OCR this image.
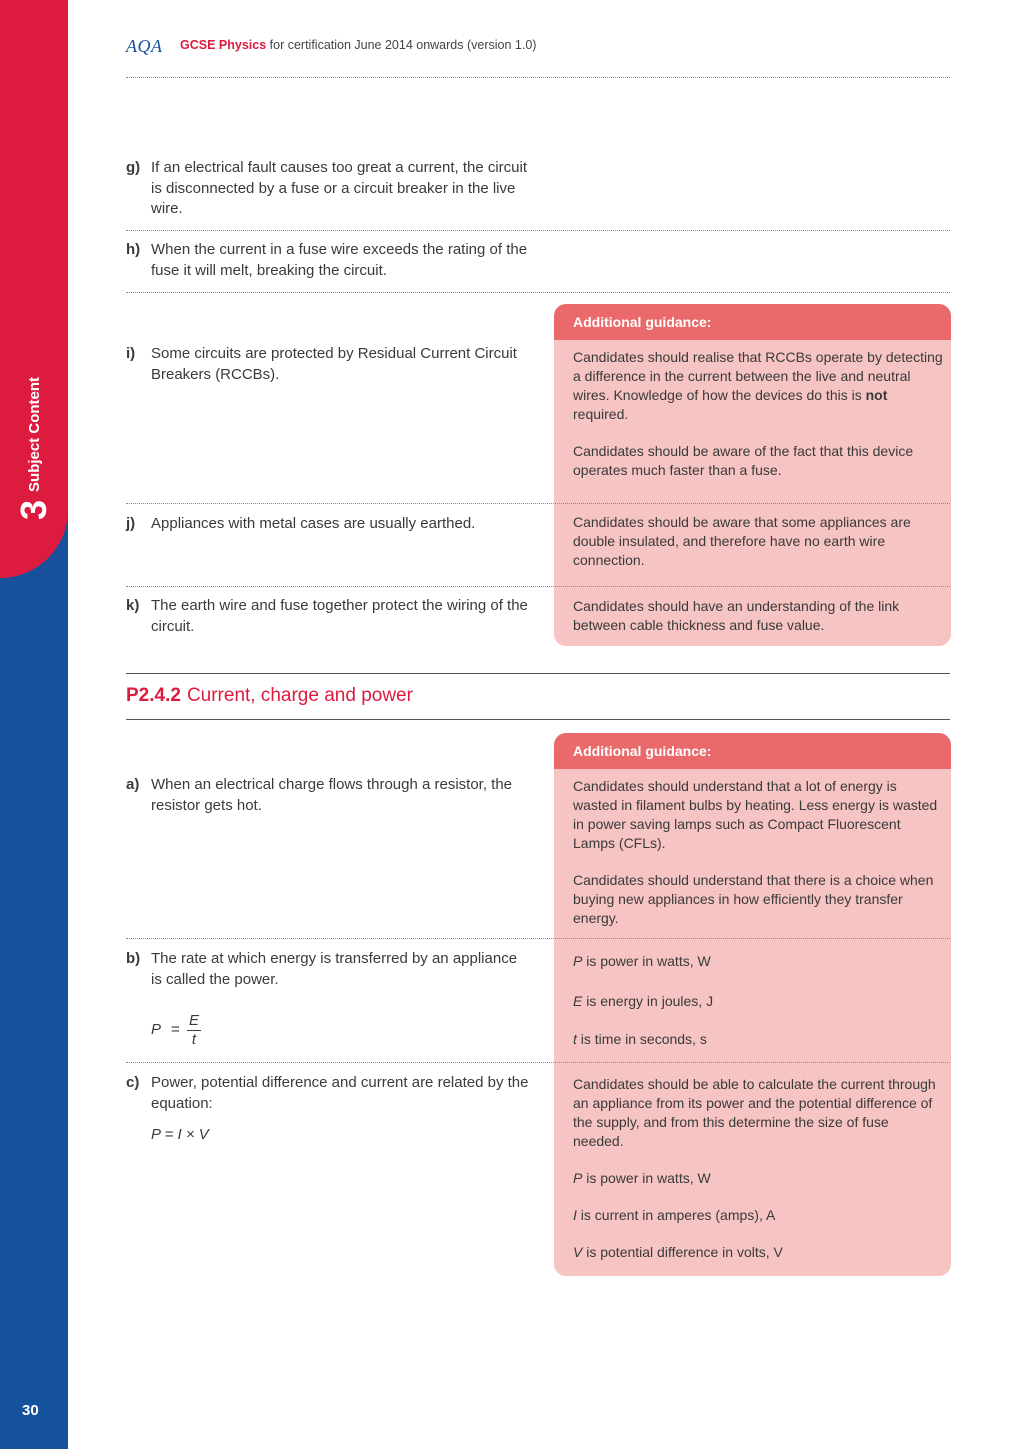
3
Subject Content
30
AQA GCSE Physics for certification June 2014 onwards (version 1.0)
g) If an electrical fault causes too great a current, the circuit is disconnected by a fuse or a circuit breaker in the live wire.
h) When the current in a fuse wire exceeds the rating of the fuse it will melt, breaking the circuit.
Additional guidance:
i)	Some circuits are protected by Residual Current Circuit Breakers (RCCBs).

Candidates should realise that RCCBs operate by detecting a difference in the current between the live and neutral wires. Knowledge of how the devices do this is not required.

Candidates should be aware of the fact that this device operates much faster than a fuse.

j)	Appliances with metal cases are usually earthed.	Candidates should be aware that some appliances are double insulated, and therefore have no earth wire connection.
k) The earth wire and fuse together protect the wiring of the circuit.
Candidates should have an understanding of the link between cable thickness and fuse value.
P2.4.2 Current, charge and power
Additional guidance:
a) When an electrical charge flows through a resistor, the resistor gets hot.

Candidates should understand that a lot of energy is wasted in filament bulbs by heating. Less energy is wasted in power saving lamps such as Compact Fluorescent Lamps (CFLs).

Candidates should understand that there is a choice when buying new appliances in how efficiently they transfer energy.

b) The rate at which energy is transferred by an appliance is called the power.
$P = \frac{E}{t}$

P is power in watts, W

E is energy in joules, J

t is time in seconds, s

c) Power, potential difference and current are related by the equation:
P = I × V

Candidates should be able to calculate the current through an appliance from its power and the potential difference of the supply, and from this determine the size of fuse needed.

P is power in watts, W

I is current in amperes (amps), A

V is potential difference in volts, V
